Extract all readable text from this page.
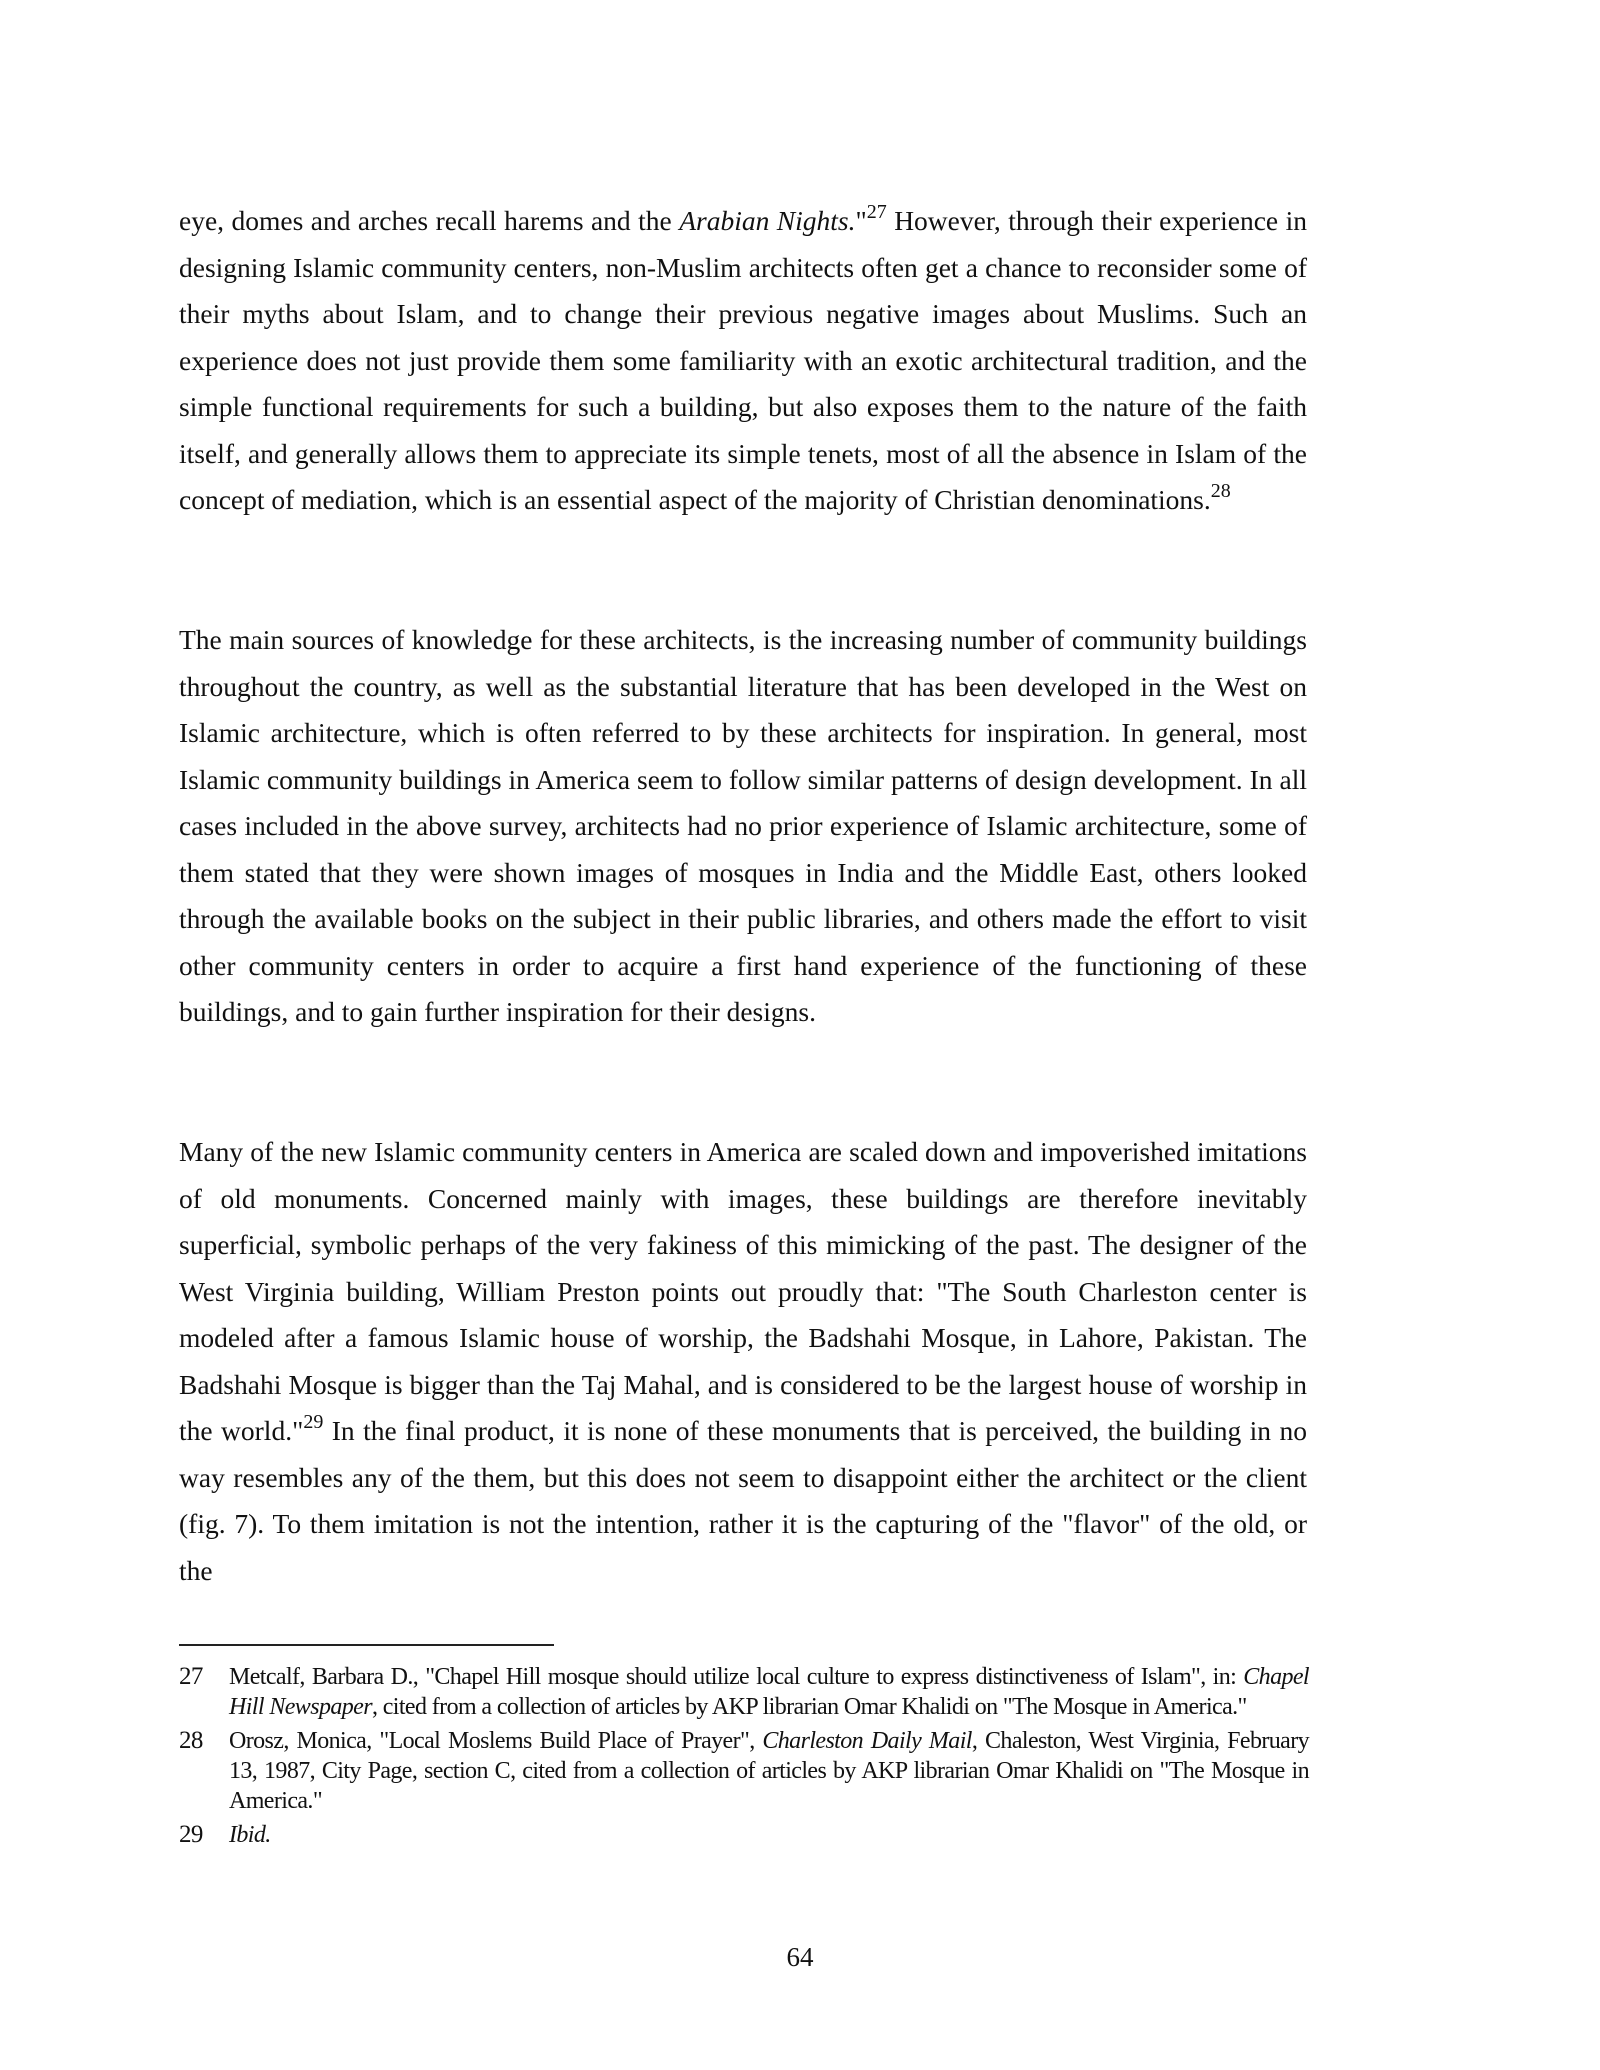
eye, domes and arches recall harems and the Arabian Nights."$^{27}$ However, through their experience in designing Islamic community centers, non-Muslim architects often get a chance to reconsider some of their myths about Islam, and to change their previous negative images about Muslims. Such an experience does not just provide them some familiarity with an exotic architectural tradition, and the simple functional requirements for such a building, but also exposes them to the nature of the faith itself, and generally allows them to appreciate its simple tenets, most of all the absence in Islam of the concept of mediation, which is an essential aspect of the majority of Christian denominations.$^{28}$

The main sources of knowledge for these architects, is the increasing number of community buildings throughout the country, as well as the substantial literature that has been developed in the West on Islamic architecture, which is often referred to by these architects for inspiration. In general, most Islamic community buildings in America seem to follow similar patterns of design development. In all cases included in the above survey, architects had no prior experience of Islamic architecture, some of them stated that they were shown images of mosques in India and the Middle East, others looked through the available books on the subject in their public libraries, and others made the effort to visit other community centers in order to acquire a first hand experience of the functioning of these buildings, and to gain further inspiration for their designs.

Many of the new Islamic community centers in America are scaled down and impoverished imitations of old monuments. Concerned mainly with images, these buildings are therefore inevitably superficial, symbolic perhaps of the very fakiness of this mimicking of the past. The designer of the West Virginia building, William Preston points out proudly that: "The South Charleston center is modeled after a famous Islamic house of worship, the Badshahi Mosque, in Lahore, Pakistan. The Badshahi Mosque is bigger than the Taj Mahal, and is considered to be the largest house of worship in the world."$^{29}$ In the final product, it is none of these monuments that is perceived, the building in no way resembles any of the them, but this does not seem to disappoint either the architect or the client (fig. 7). To them imitation is not the intention, rather it is the capturing of the "flavor" of the old, or the

27	Metcalf, Barbara D., "Chapel Hill mosque should utilize local culture to express distinctiveness of Islam", in: Chapel Hill Newspaper, cited from a collection of articles by AKP librarian Omar Khalidi on "The Mosque in America."
28	Orosz, Monica, "Local Moslems Build Place of Prayer", Charleston Daily Mail, Chaleston, West Virginia, February 13, 1987, City Page, section C, cited from a collection of articles by AKP librarian Omar Khalidi on "The Mosque in America."
29	Ibid.
64
